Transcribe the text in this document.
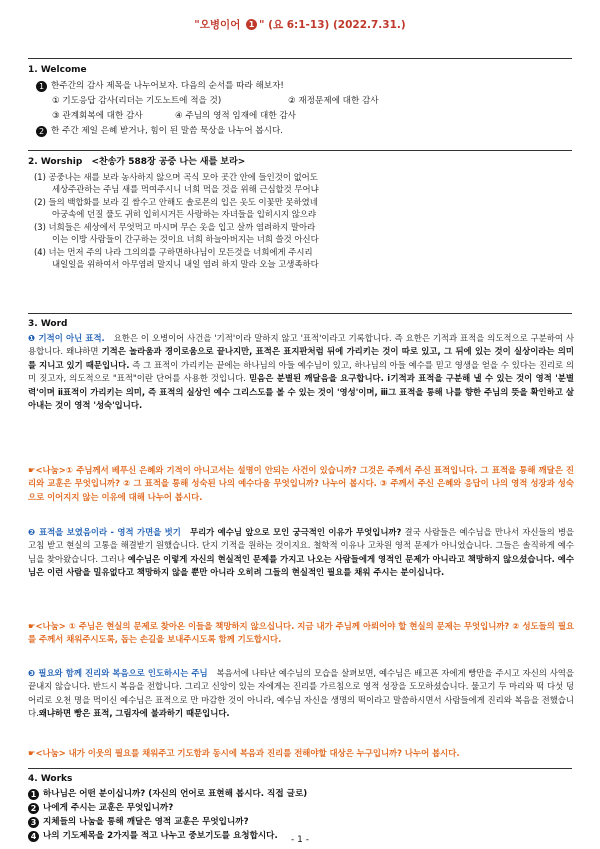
"오병이어 1 " (요 6:1-13) (2022.7.31.)
1. Welcome
1 한주간의 감사 제목을 나누어보자. 다음의 순서를 따라 해보자!
① 기도응답 감사(리더는 기도노트에 적을 것)	② 재정문제에 대한 감사
③ 관계회복에 대한 감사	④ 주님의 영적 임재에 대한 감사
2 한 주간 제일 은혜 받거나, 힘이 된 말씀 묵상을 나누어 봅시다.
2. Worship <찬송가 588장 공중 나는 새를 보라>
(1) 공중나는 새를 보라 농사하지 않으며 곡식 모아 곳간 안에 들인것이 없어도
세상주관하는 주님 새를 먹여주시니 너희 먹을 것을 위해 근심할것 무어냐
(2) 들의 백합화를 보라 길 쌈수고 안해도 솔로몬의 입은 옷도 이꽃만 못하였네
아궁속에 던질 풀도 귀히 입히시거든 사랑하는 자녀들을 입히시지 않으랴
(3) 너희들은 세상에서 무엇먹고 마시며 무슨 옷을 입고 살까 염려하지 말아라
이는 이방 사람들이 간구하는 것이요 너희 하늘아버지는 너희 쓸것 아신다
(4) 너는 먼저 주의 나라 그의의를 구하면하나님이 모든것을 너희에게 주시리
내일일을 위하여서 아무염려 말지니 내일 염려 하지 말라 오늘 고생족하다
3. Word
❶ 기적이 아닌 표적. 요한은 이 오병이어 사건을 '기적'이라 말하지 않고 '표적'이라고 기록합니다. 즉 요한은 기적과 표적을 의도적으로 구분하여 사용합니다. 왜냐하면 기적은 놀라움과 경이로움으로 끝나지만, 표적은 표지판처럼 뒤에 가리키는 것이 따로 있고, 그 뒤에 있는 것이 실상이라는 의미를 지니고 있기 때문입니다. 즉 그 표적이 가리키는 끝에는 하나님의 아들 예수님이 있고, 하나님의 아들 예수를 믿고 영생을 얻을 수 있다는 진리로 의미 짓고자, 의도적으로 "표적"이란 단어를 사용한 것입니다. 믿음은 분별된 깨달음을 요구합니다. ⅰ기적과 표적을 구분해 낼 수 있는 것이 영적 '분별력'이며 ⅱ표적이 가리키는 의미, 즉 표적의 실상인 예수 그리스도를 볼 수 있는 것이 '영성'이며, ⅲ그 표적을 통해 나를 향한 주님의 뜻을 확인하고 살아내는 것이 영적 '성숙'입니다.
☛<나눔>① 주님께서 베푸신 은혜와 기적이 아니고서는 설명이 안되는 사건이 있습니까? 그것은 주께서 주신 표적입니다. 그 표적을 통해 깨달은 진리와 교훈은 무엇입니까? ② 그 표적을 통해 성숙된 나의 예수다움 무엇입니까? 나누어 봅시다. ③ 주께서 주신 은혜와 응답이 나의 영적 성장과 성숙으로 이어지지 않는 이유에 대해 나누어 봅시다.
❷ 표적을 보였음이라 - 영적 가면을 벗기 무리가 예수님 앞으로 모인 궁극적인 이유가 무엇입니까? 결국 사람들은 예수님을 만나서 자신들의 병을 고침 받고 현실의 고통을 해결받기 원했습니다. 단지 기적을 원하는 것이지요. 철학적 이유나 고차원 영적 문제가 아니었습니다. 그들은 솔직하게 예수님을 찾아왔습니다. 그러나 예수님은 이렇게 자신의 현실적인 문제를 가지고 나오는 사람들에게 영적인 문제가 아니라고 책망하지 않으셨습니다. 예수님은 이런 사람을 밀유없다고 책망하지 않을 뿐만 아니라 오히려 그들의 현실적인 필요를 채워 주시는 분이십니다.
☛<나눔> ① 주님은 현실의 문제로 찾아온 이들을 책망하지 않으십니다. 지금 내가 주님께 아뢰어야 할 현실의 문제는 무엇입니까? ② 성도들의 필요를 주께서 채워주시도록, 돕는 손길을 보내주시도록 함께 기도합시다.
❸ 필요와 함께 진리와 복음으로 인도하시는 주님 복음서에 나타난 예수님의 모습을 살펴보면, 예수님은 배고픈 자에게 빵만을 주시고 자신의 사역을 끝내지 않습니다. 반드시 복음을 전합니다. 그리고 신앙이 있는 자에게는 진리를 가르침으로 영적 성장을 도모하셨습니다. 물고기 두 마리와 떡 다섯 덩어리로 오천 명을 먹이신 예수님은 표적으로 만 마감한 것이 아니라, 예수님 자신을 생명의 떡이라고 말씀하시면서 사람들에게 진리와 복음을 전했습니다.왜냐하면 빵은 표적, 그림자에 불과하기 때문입니다.
☛<나눔> 내가 이웃의 필요를 채워주고 기도함과 동시에 복음과 진리를 전해야할 대상은 누구입니까? 나누어 봅시다.
4. Works
1 하나님은 어떤 분이십니까? (자신의 언어로 표현해 봅시다. 직접 글로)
2 나에게 주시는 교훈은 무엇입니까?
3 지체들의 나눔을 통해 깨달은 영적 교훈은 무엇입니까?
4 나의 기도제목을 2가지를 적고 나누고 중보기도를 요청합시다.	- 1 -
